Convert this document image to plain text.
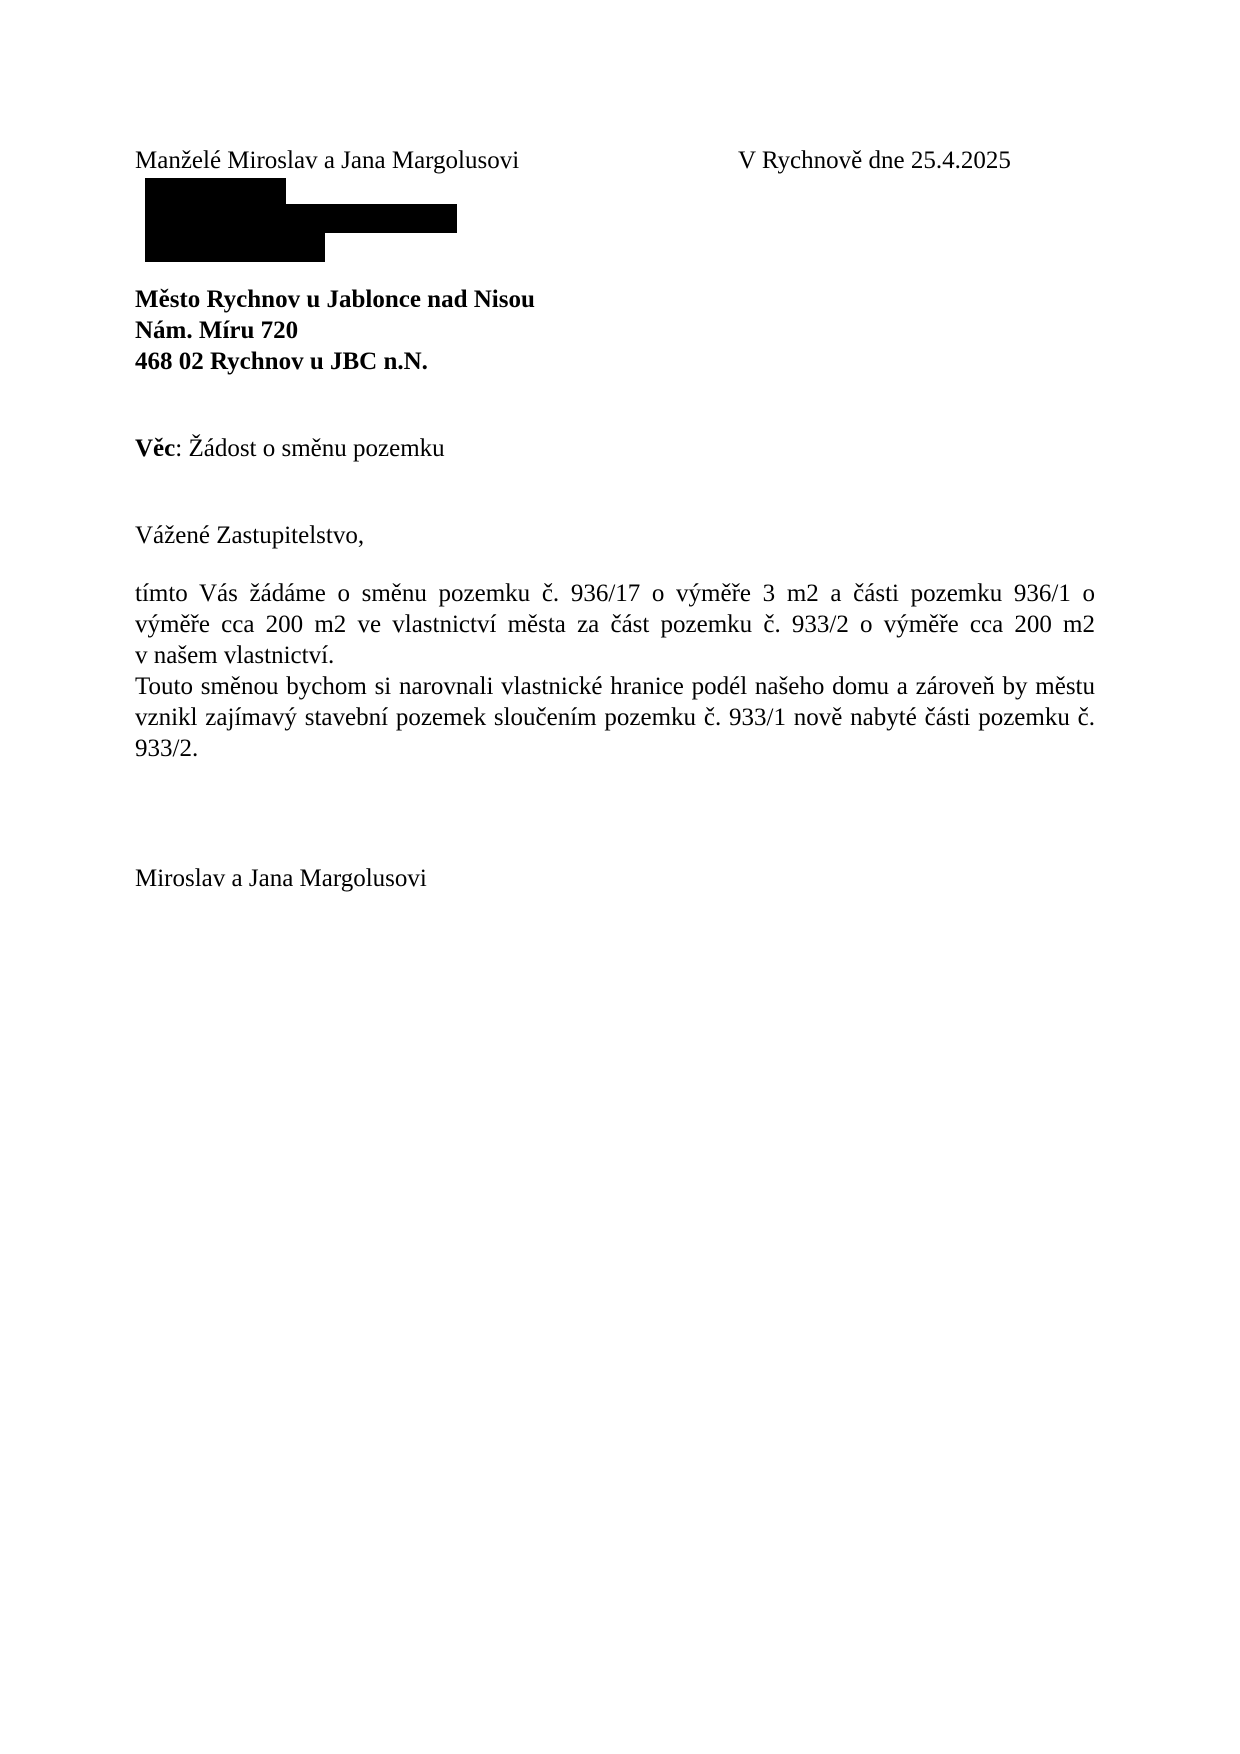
Manželé Miroslav a Jana Margolusovi	V Rychnově dne 25.4.2025
Město Rychnov u Jablonce nad Nisou
Nám. Míru 720
468 02 Rychnov u JBC n.N.
Věc: Žádost o směnu pozemku
Vážené Zastupitelstvo,
tímto Vás žádáme o směnu pozemku č. 936/17 o výměře 3 m2 a části pozemku 936/1 o
výměře cca 200 m2 ve vlastnictví města za část pozemku č. 933/2 o výměře cca 200 m2
v našem vlastnictví.
Touto směnou bychom si narovnali vlastnické hranice podél našeho domu a zároveň by městu
vznikl zajímavý stavební pozemek sloučením pozemku č. 933/1 nově nabyté části pozemku č.
933/2.
Miroslav a Jana Margolusovi
